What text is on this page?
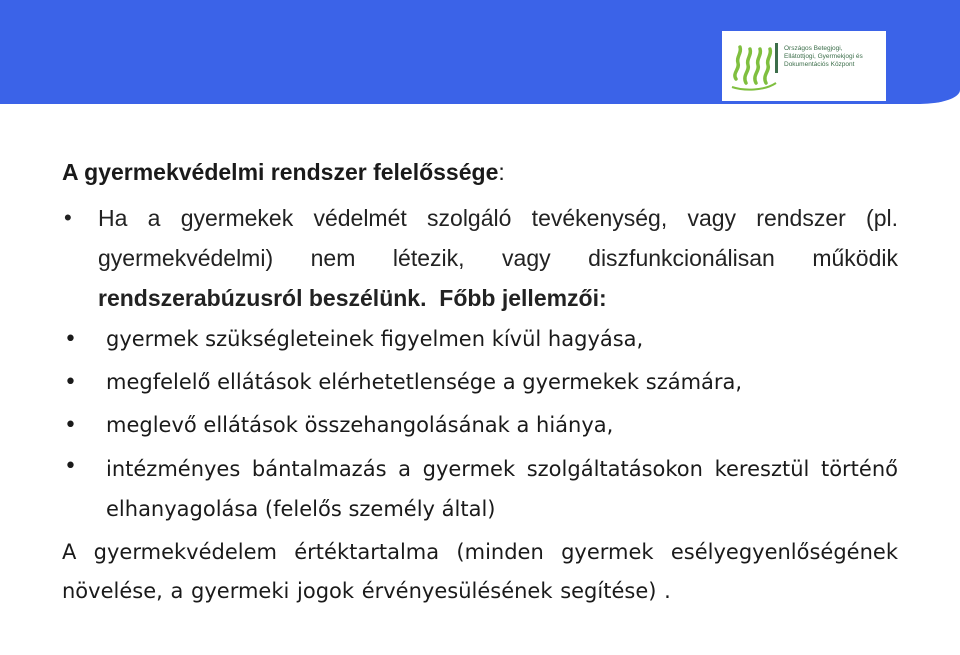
Országos Betegjogi,
Ellátottjogi, Gyermekjogi és
Dokumentációs Központ
A gyermekvédelmi rendszer felelőssége:

• Ha a gyermekek védelmét szolgáló tevékenység, vagy rendszer (pl. gyermekvédelmi) nem létezik, vagy diszfunkcionálisan működik rendszerabúzusról beszélünk. Főbb jellemzői:

• gyermek szükségleteinek figyelmen kívül hagyása,
• megfelelő ellátások elérhetetlensége a gyermekek számára,
• meglevő ellátások összehangolásának a hiánya,
• intézményes bántalmazás a gyermek szolgáltatásokon keresztül történő elhanyagolása (felelős személy által)

A gyermekvédelem értéktartalma (minden gyermek esélyegyenlőségének növelése, a gyermeki jogok érvényesülésének segítése) .
